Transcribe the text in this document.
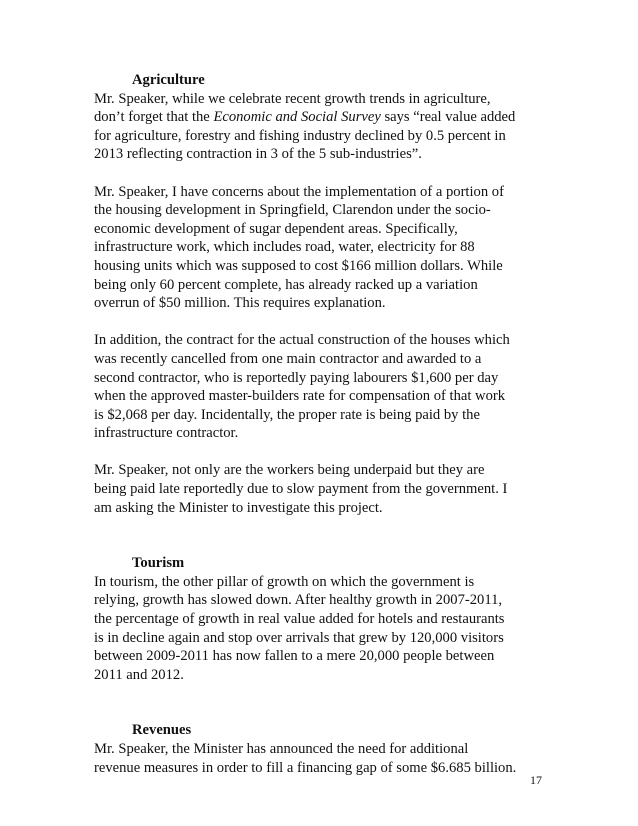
Agriculture

Mr. Speaker, while we celebrate recent growth trends in agriculture,
don’t forget that the Economic and Social Survey says “real value added
for agriculture, forestry and fishing industry declined by 0.5 percent in
2013 reflecting contraction in 3 of the 5 sub-industries”.

Mr. Speaker, I have concerns about the implementation of a portion of
the housing development in Springfield, Clarendon under the socio-
economic development of sugar dependent areas. Specifically,
infrastructure work, which includes road, water, electricity for 88
housing units which was supposed to cost $166 million dollars. While
being only 60 percent complete, has already racked up a variation
overrun of $50 million. This requires explanation.

In addition, the contract for the actual construction of the houses which
was recently cancelled from one main contractor and awarded to a
second contractor, who is reportedly paying labourers $1,600 per day
when the approved master-builders rate for compensation of that work
is $2,068 per day. Incidentally, the proper rate is being paid by the
infrastructure contractor.

Mr. Speaker, not only are the workers being underpaid but they are
being paid late reportedly due to slow payment from the government. I
am asking the Minister to investigate this project.

Tourism

In tourism, the other pillar of growth on which the government is
relying, growth has slowed down. After healthy growth in 2007-2011,
the percentage of growth in real value added for hotels and restaurants
is in decline again and stop over arrivals that grew by 120,000 visitors
between 2009-2011 has now fallen to a mere 20,000 people between
2011 and 2012.

Revenues

Mr. Speaker, the Minister has announced the need for additional
revenue measures in order to fill a financing gap of some $6.685 billion.

17
